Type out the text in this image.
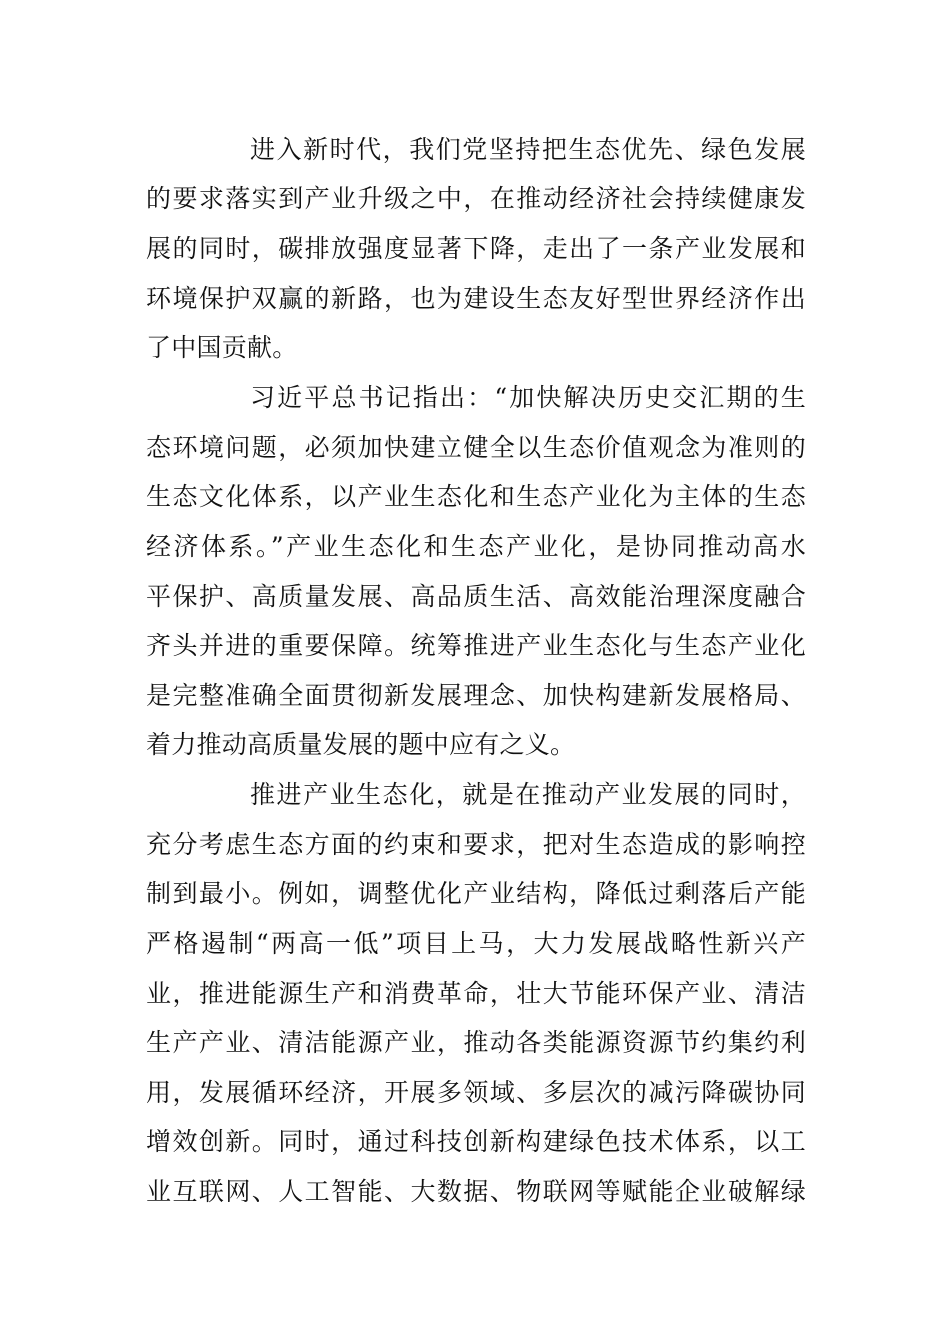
进入新时代，我们党坚持把生态优先、绿色发展
的要求落实到产业升级之中，在推动经济社会持续健康发
展的同时，碳排放强度显著下降，走出了一条产业发展和
环境保护双赢的新路，也为建设生态友好型世界经济作出
了中国贡献。
习近平总书记指出：“加快解决历史交汇期的生
态环境问题，必须加快建立健全以生态价值观念为准则的
生态文化体系，以产业生态化和生态产业化为主体的生态
经济体系。”产业生态化和生态产业化，是协同推动高水
平保护、高质量发展、高品质生活、高效能治理深度融合
齐头并进的重要保障。统筹推进产业生态化与生态产业化
是完整准确全面贯彻新发展理念、加快构建新发展格局、
着力推动高质量发展的题中应有之义。
推进产业生态化，就是在推动产业发展的同时，
充分考虑生态方面的约束和要求，把对生态造成的影响控
制到最小。例如，调整优化产业结构，降低过剩落后产能
严格遏制“两高一低”项目上马，大力发展战略性新兴产
业，推进能源生产和消费革命，壮大节能环保产业、清洁
生产产业、清洁能源产业，推动各类能源资源节约集约利
用，发展循环经济，开展多领域、多层次的减污降碳协同
增效创新。同时，通过科技创新构建绿色技术体系，以工
业互联网、人工智能、大数据、物联网等赋能企业破解绿
